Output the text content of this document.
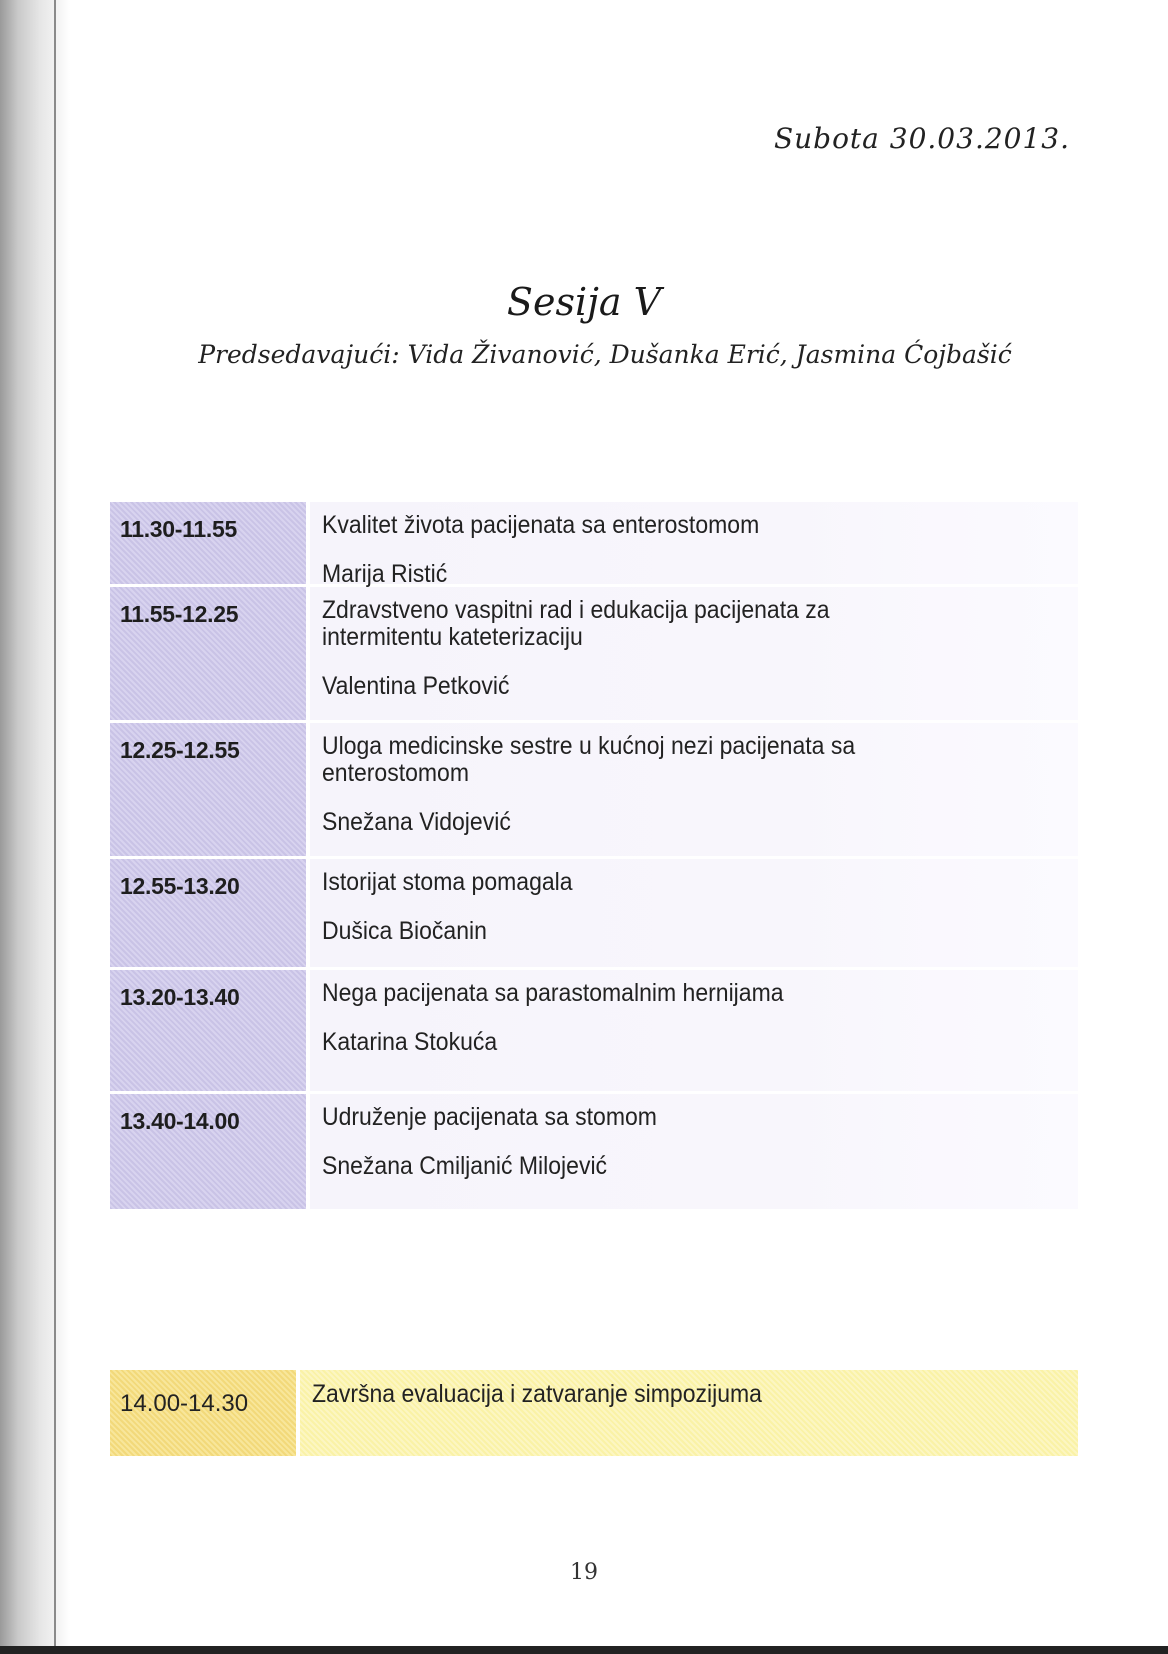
Subota 30.03.2013.
Sesija V
Predsedavajući: Vida Živanović, Dušanka Erić, Jasmina Ćojbašić
11.30-11.55	Kvalitet života pacijenata sa enterostomom
Marija Ristić
11.55-12.25	Zdravstveno vaspitni rad i edukacija pacijenata za intermitentu kateterizaciju
Valentina Petković
12.25-12.55	Uloga medicinske sestre u kućnoj nezi pacijenata sa enterostomom
Snežana Vidojević
12.55-13.20	Istorijat stoma pomagala
Dušica Biočanin
13.20-13.40	Nega pacijenata sa parastomalnim hernijama
Katarina Stokuća
13.40-14.00	Udruženje pacijenata sa stomom
Snežana Cmiljanić Milojević
14.00-14.30	Završna evaluacija i zatvaranje simpozijuma
19
